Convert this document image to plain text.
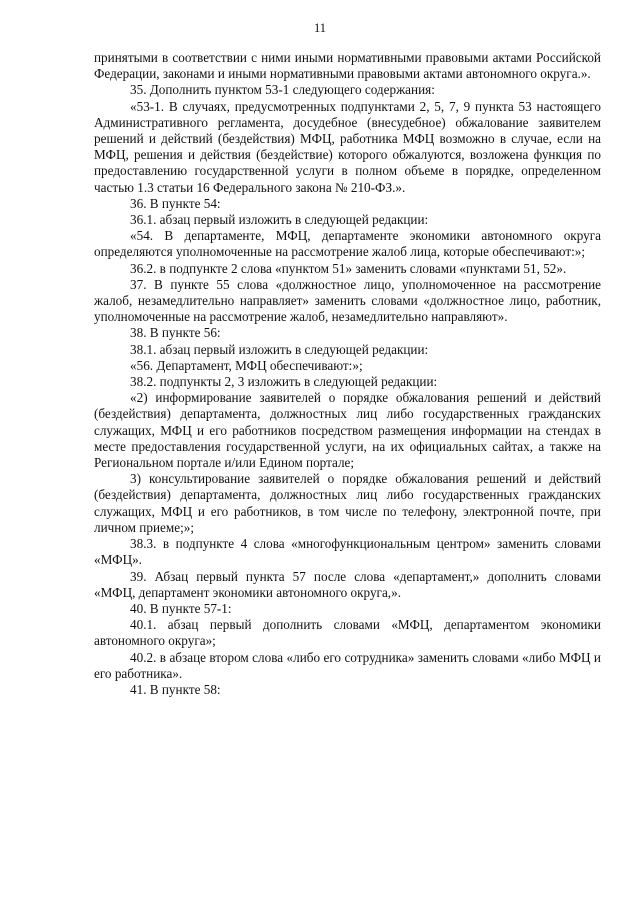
11

принятыми в соответствии с ними иными нормативными правовыми актами Российской Федерации, законами и иными нормативными правовыми актами автономного округа.».

35. Дополнить пунктом 53-1 следующего содержания:

«53-1. В случаях, предусмотренных подпунктами 2, 5, 7, 9 пункта 53 настоящего Административного регламента, досудебное (внесудебное) обжалование заявителем решений и действий (бездействия) МФЦ, работника МФЦ возможно в случае, если на МФЦ, решения и действия (бездействие) которого обжалуются, возложена функция по предоставлению государственной услуги в полном объеме в порядке, определенном частью 1.3 статьи 16 Федерального закона № 210-ФЗ.».

36. В пункте 54:

36.1. абзац первый изложить в следующей редакции:

«54. В департаменте, МФЦ, департаменте экономики автономного округа определяются уполномоченные на рассмотрение жалоб лица, которые обеспечивают:»;

36.2. в подпункте 2 слова «пунктом 51» заменить словами «пунктами 51, 52».

37. В пункте 55 слова «должностное лицо, уполномоченное на рассмотрение жалоб, незамедлительно направляет» заменить словами «должностное лицо, работник, уполномоченные на рассмотрение жалоб, незамедлительно направляют».

38. В пункте 56:

38.1. абзац первый изложить в следующей редакции:

«56. Департамент, МФЦ обеспечивают:»;

38.2. подпункты 2, 3 изложить в следующей редакции:

«2) информирование заявителей о порядке обжалования решений и действий (бездействия) департамента, должностных лиц либо государственных гражданских служащих, МФЦ и его работников посредством размещения информации на стендах в месте предоставления государственной услуги, на их официальных сайтах, а также на Региональном портале и/или Едином портале;

3) консультирование заявителей о порядке обжалования решений и действий (бездействия) департамента, должностных лиц либо государственных гражданских служащих, МФЦ и его работников, в том числе по телефону, электронной почте, при личном приеме;»;

38.3. в подпункте 4 слова «многофункциональным центром» заменить словами «МФЦ».

39. Абзац первый пункта 57 после слова «департамент,» дополнить словами «МФЦ, департамент экономики автономного округа,».

40. В пункте 57-1:

40.1. абзац первый дополнить словами «МФЦ, департаментом экономики автономного округа»;

40.2. в абзаце втором слова «либо его сотрудника» заменить словами «либо МФЦ и его работника».

41. В пункте 58:
